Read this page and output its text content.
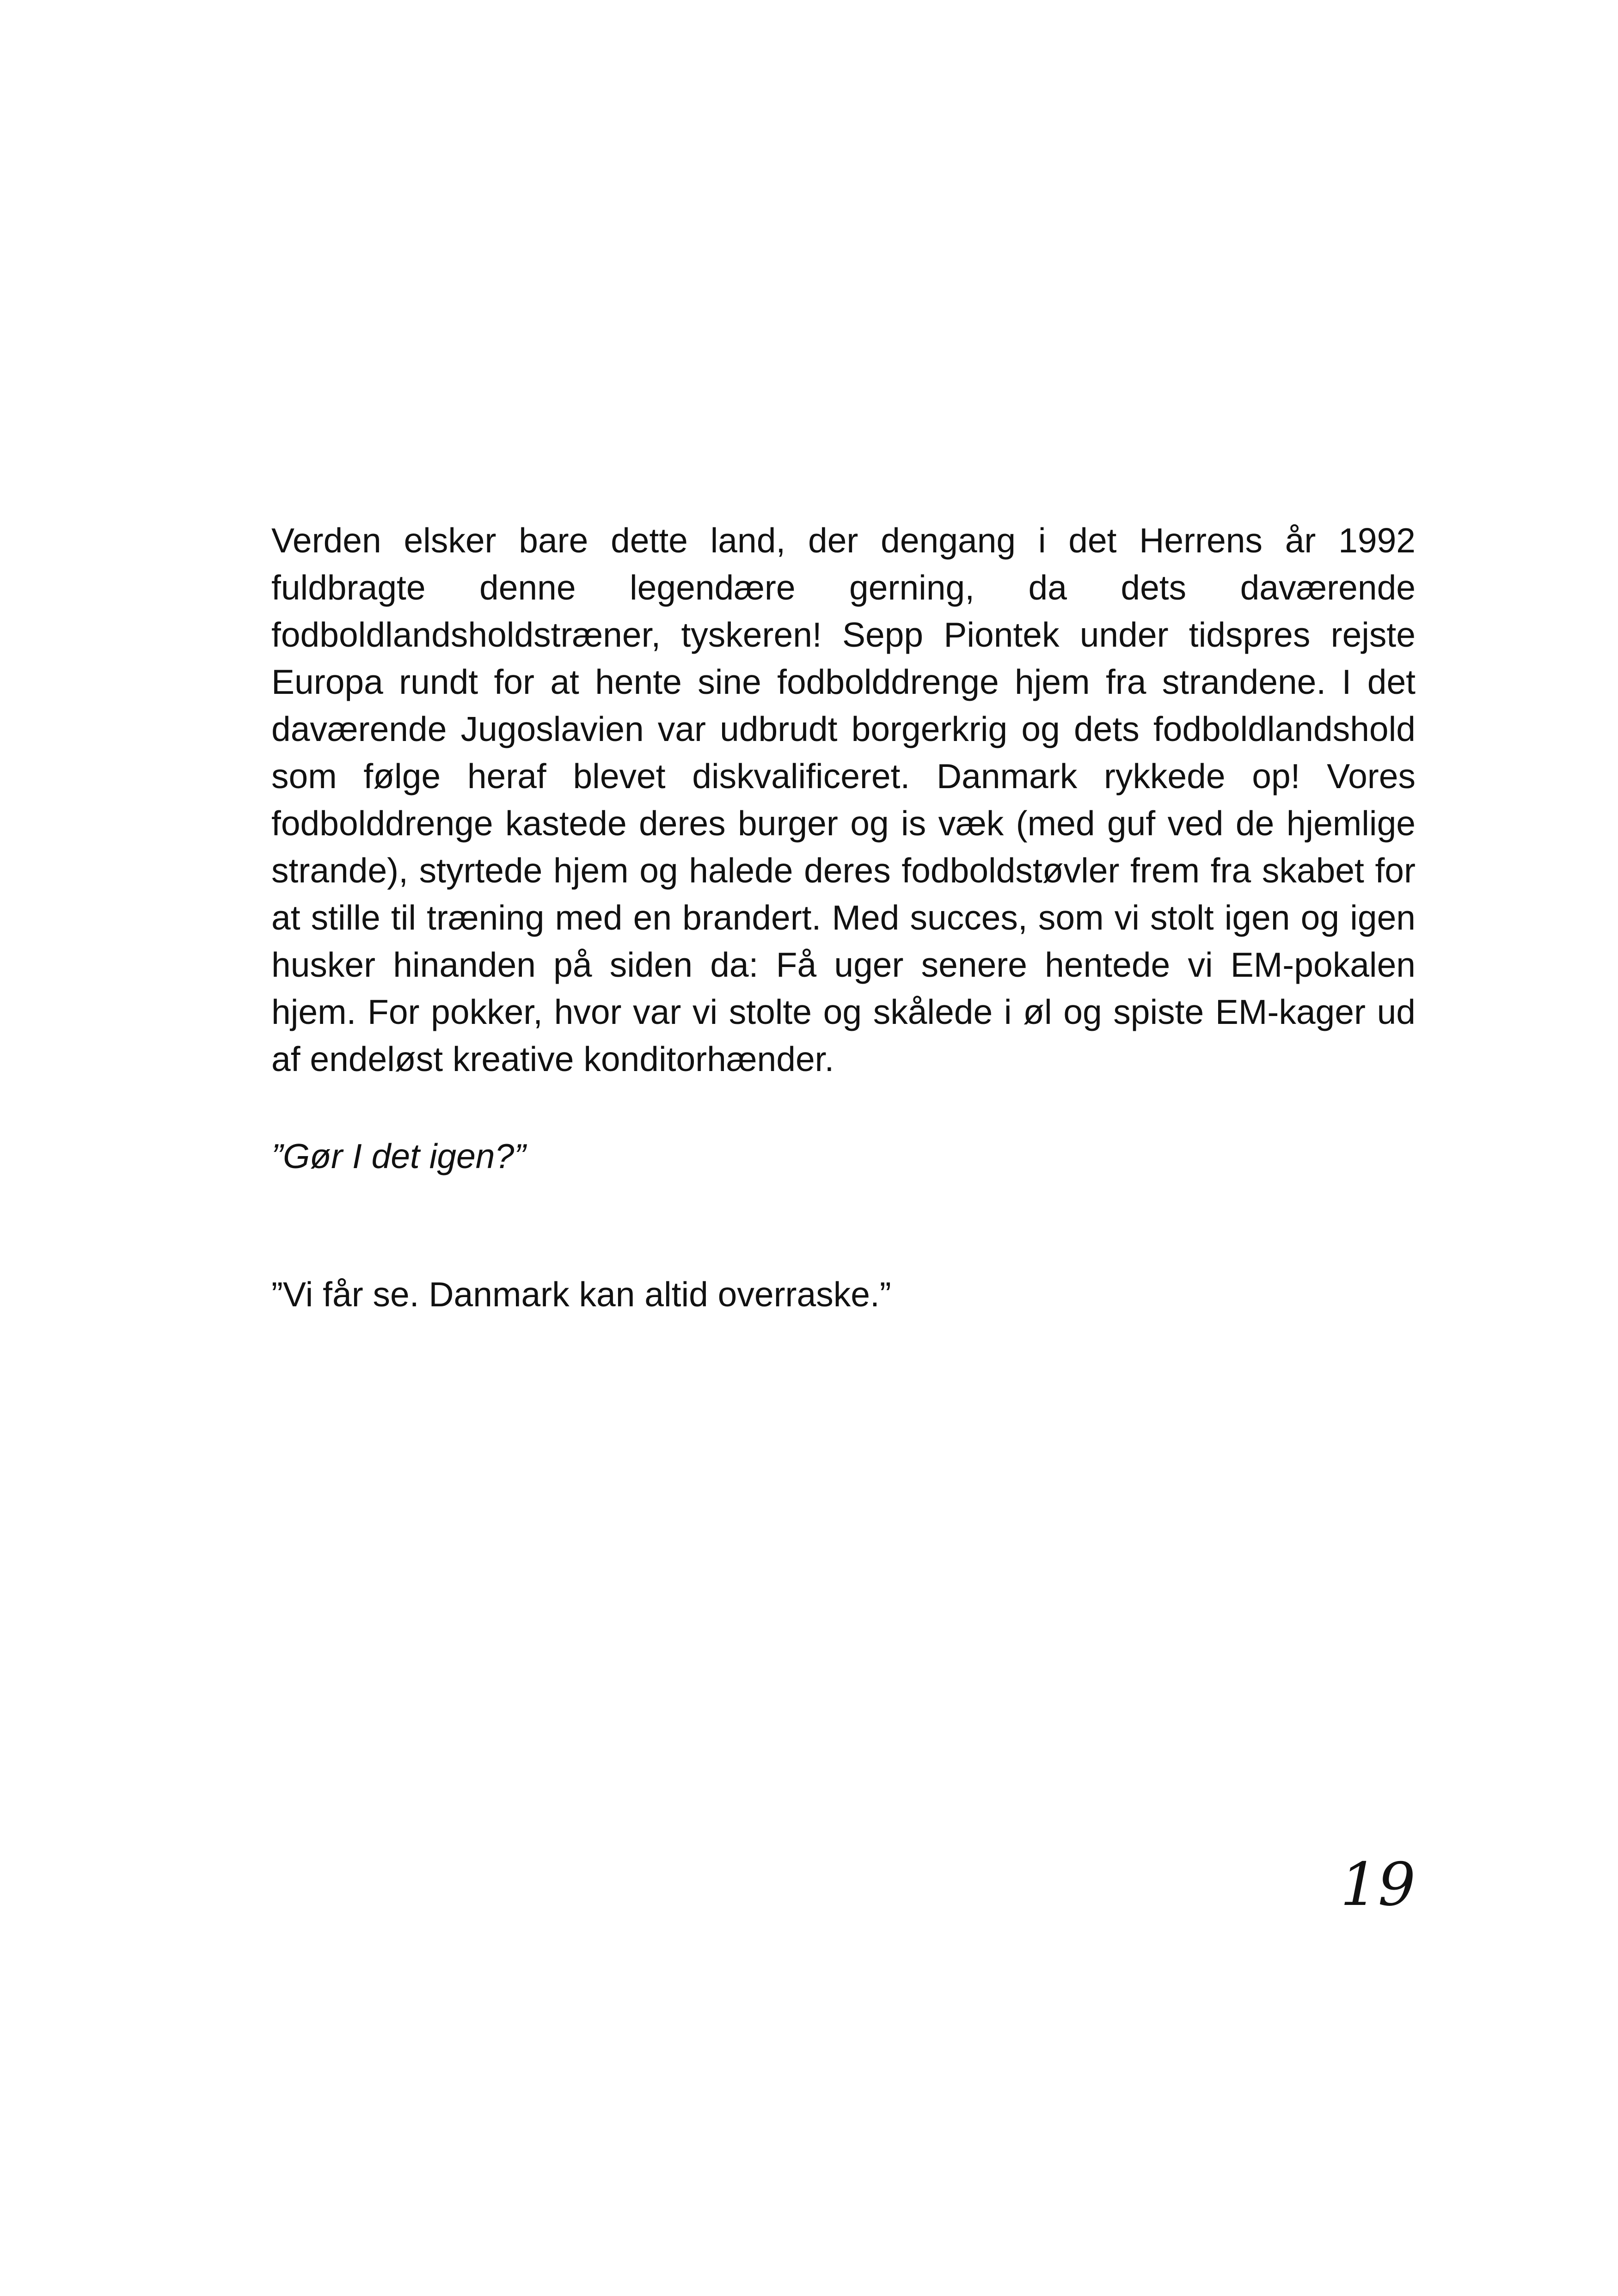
Verden elsker bare dette land, der dengang i det Herrens år 1992 fuldbragte denne legendære gerning, da dets daværende fodboldlandsholdstræner, tyskeren! Sepp Piontek under tidspres rejste Europa rundt for at hente sine fodbolddrenge hjem fra strandene. I det daværende Jugoslavien var udbrudt borgerkrig og dets fodboldlandshold som følge heraf blevet diskvalificeret. Danmark rykkede op! Vores fodbolddrenge kastede deres burger og is væk (med guf ved de hjemlige strande), styrtede hjem og halede deres fodboldstøvler frem fra skabet for at stille til træning med en brandert. Med succes, som vi stolt igen og igen husker hinanden på siden da: Få uger senere hentede vi EM-pokalen hjem. For pokker, hvor var vi stolte og skålede i øl og spiste EM-kager ud af endeløst kreative konditorhænder.

”Gør I det igen?”
”Vi får se. Danmark kan altid overraske.”
19
